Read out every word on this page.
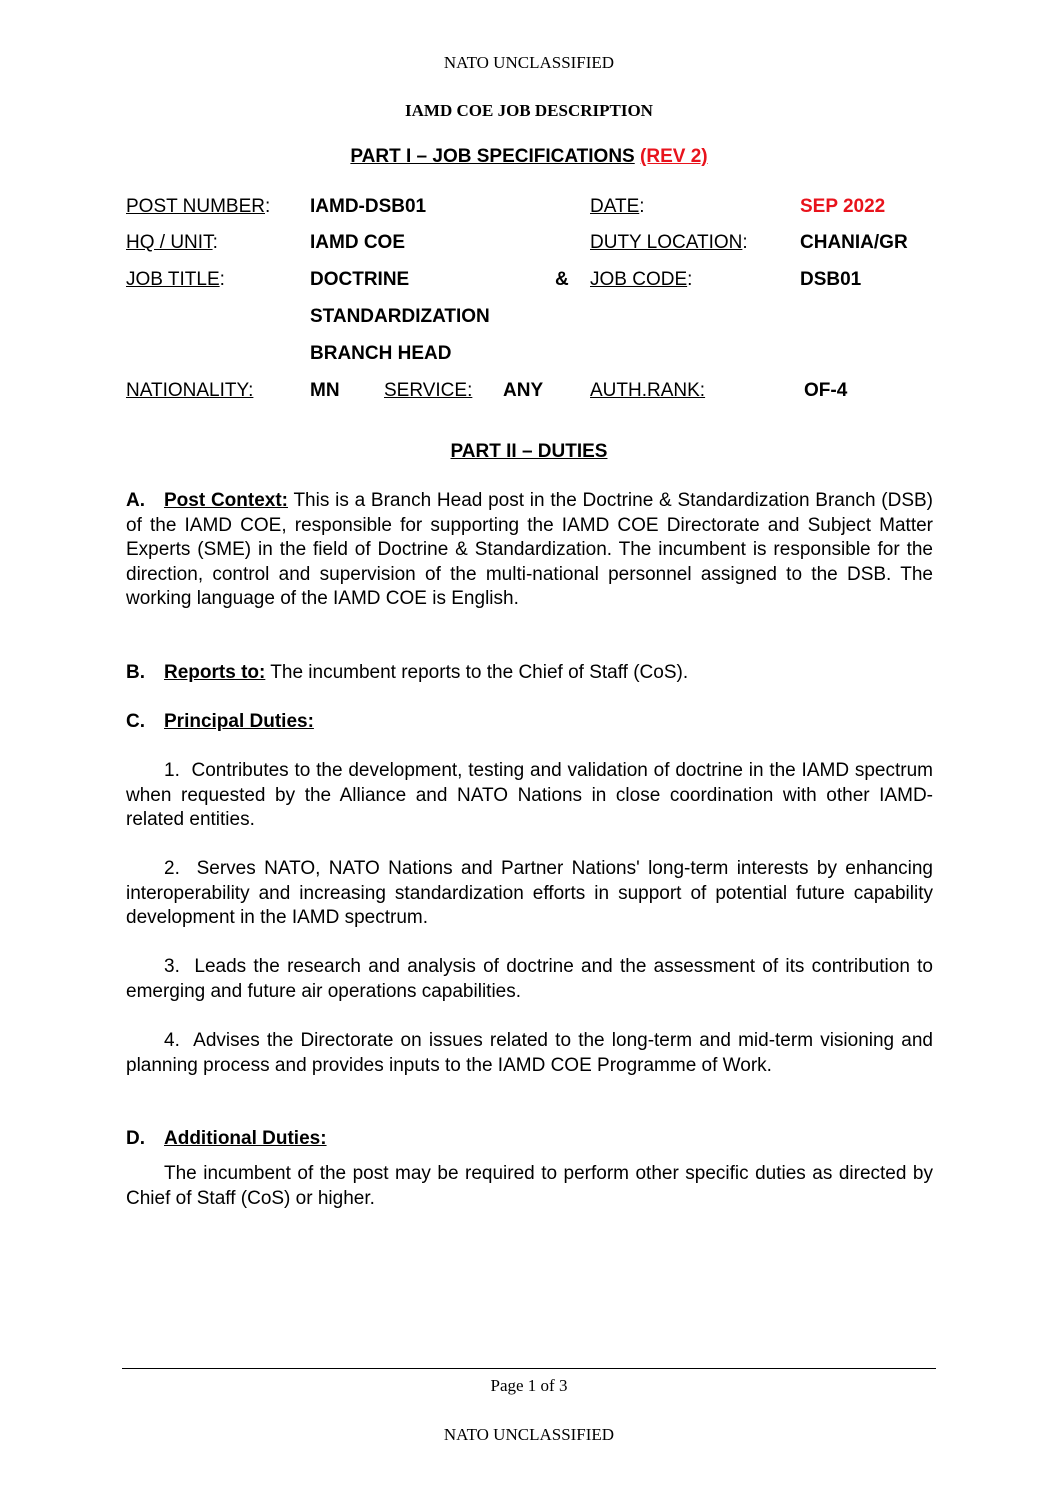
NATO UNCLASSIFIED
IAMD COE JOB DESCRIPTION
PART I – JOB SPECIFICATIONS (REV 2)
POST NUMBER: IAMD-DSB01	DATE:	SEP 2022
HQ / UNIT:	IAMD COE	DUTY LOCATION:	CHANIA/GR
JOB TITLE:	DOCTRINE	& JOB CODE:	DSB01
STANDARDIZATION
BRANCH HEAD
NATIONALITY:	MN SERVICE: ANY AUTH.RANK:	OF-4
PART II – DUTIES
A. Post Context: This is a Branch Head post in the Doctrine & Standardization Branch (DSB) of the IAMD COE, responsible for supporting the IAMD COE Directorate and Subject Matter Experts (SME) in the field of Doctrine & Standardization. The incumbent is responsible for the direction, control and supervision of the multi-national personnel assigned to the DSB. The working language of the IAMD COE is English.
B. Reports to: The incumbent reports to the Chief of Staff (CoS).
C. Principal Duties:
1. Contributes to the development, testing and validation of doctrine in the IAMD spectrum when requested by the Alliance and NATO Nations in close coordination with other IAMD-related entities.
2. Serves NATO, NATO Nations and Partner Nations' long-term interests by enhancing interoperability and increasing standardization efforts in support of potential future capability development in the IAMD spectrum.
3. Leads the research and analysis of doctrine and the assessment of its contribution to emerging and future air operations capabilities.
4. Advises the Directorate on issues related to the long-term and mid-term visioning and planning process and provides inputs to the IAMD COE Programme of Work.
D. Additional Duties:
The incumbent of the post may be required to perform other specific duties as directed by Chief of Staff (CoS) or higher.
Page 1 of 3
NATO UNCLASSIFIED
